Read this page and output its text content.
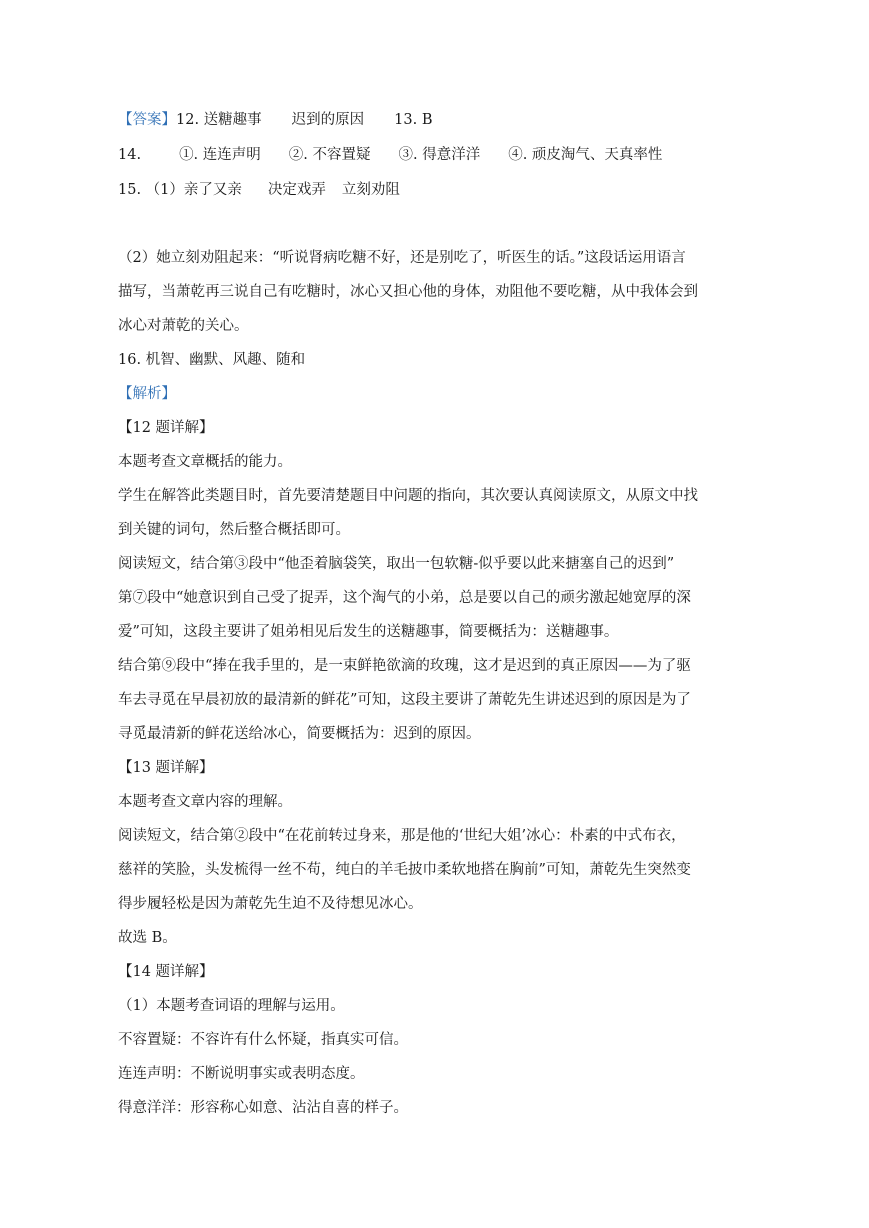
【答案】12. 送糖趣事 迟到的原因 13. B
14.	①. 连连声明 ②. 不容置疑 ③. 得意洋洋 ④. 顽皮淘气、天真率性
15. （1）亲了又亲 决定戏弄 立刻劝阻
（2）她立刻劝阻起来：“听说肾病吃糖不好，还是别吃了，听医生的话。”这段话运用语言
描写，当萧乾再三说自己有吃糖时，冰心又担心他的身体，劝阻他不要吃糖，从中我体会到
冰心对萧乾的关心。
16. 机智、幽默、风趣、随和
【解析】
【12 题详解】
本题考查文章概括的能力。
学生在解答此类题目时，首先要清楚题目中问题的指向，其次要认真阅读原文，从原文中找
到关键的词句，然后整合概括即可。
阅读短文，结合第③段中“他歪着脑袋笑，取出一包软糖-似乎要以此来搪塞自己的迟到”
第⑦段中“她意识到自己受了捉弄，这个淘气的小弟，总是要以自己的顽劣激起她宽厚的深
爱”可知，这段主要讲了姐弟相见后发生的送糖趣事，简要概括为：送糖趣事。
结合第⑨段中“捧在我手里的，是一束鲜艳欲滴的玫瑰，这才是迟到的真正原因——为了驱
车去寻觅在早晨初放的最清新的鲜花”可知，这段主要讲了萧乾先生讲述迟到的原因是为了
寻觅最清新的鲜花送给冰心，简要概括为：迟到的原因。
【13 题详解】
本题考查文章内容的理解。
阅读短文，结合第②段中“在花前转过身来，那是他的‘世纪大姐’冰心：朴素的中式布衣，
慈祥的笑脸，头发梳得一丝不苟，纯白的羊毛披巾柔软地搭在胸前”可知，萧乾先生突然变
得步履轻松是因为萧乾先生迫不及待想见冰心。
故选 B。
【14 题详解】
（1）本题考查词语的理解与运用。
不容置疑：不容许有什么怀疑，指真实可信。
连连声明：不断说明事实或表明态度。
得意洋洋：形容称心如意、沾沾自喜的样子。
